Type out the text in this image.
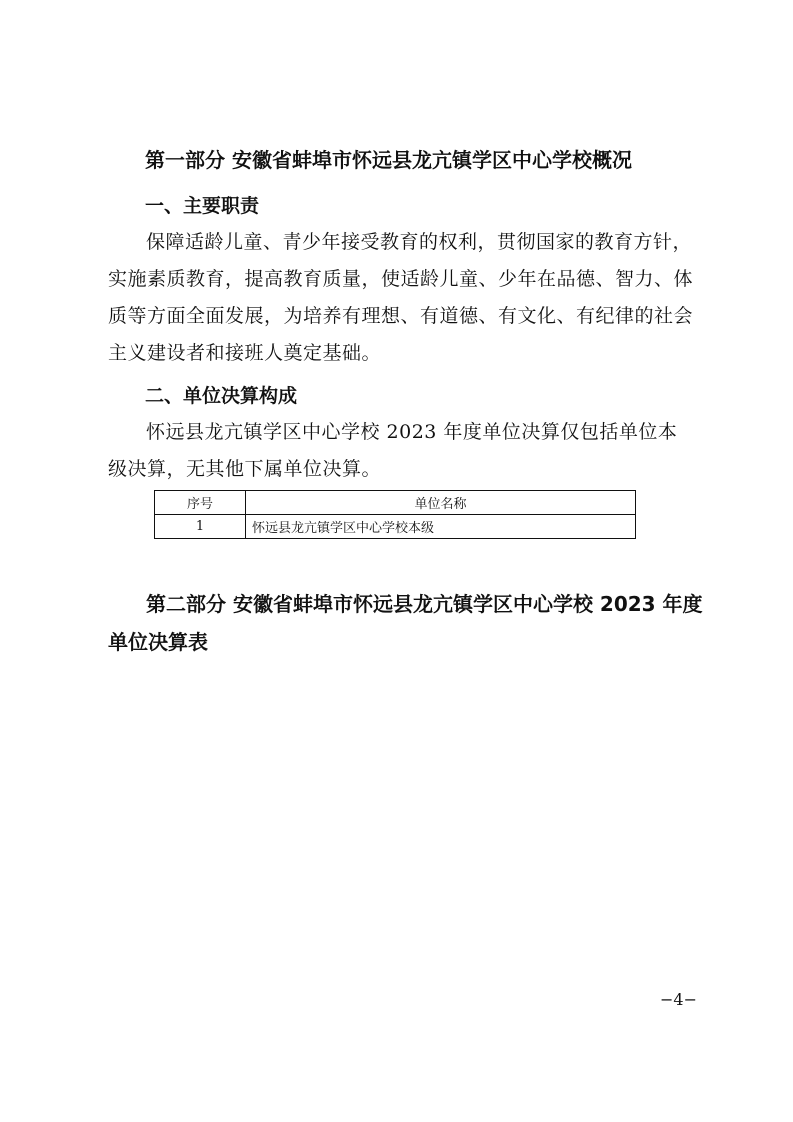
第一部分 安徽省蚌埠市怀远县龙亢镇学区中心学校概况
一、主要职责

保障适龄儿童、青少年接受教育的权利，贯彻国家的教育方针，实施素质教育，提高教育质量，使适龄儿童、少年在品德、智力、体质等方面全面发展，为培养有理想、有道德、有文化、有纪律的社会主义建设者和接班人奠定基础。

二、单位决算构成

怀远县龙亢镇学区中心学校 2023 年度单位决算仅包括单位本级决算，无其他下属单位决算。

序号	单位名称
1	怀远县龙亢镇学区中心学校本级
第二部分 安徽省蚌埠市怀远县龙亢镇学区中心学校 2023 年度单位决算表
−4−
